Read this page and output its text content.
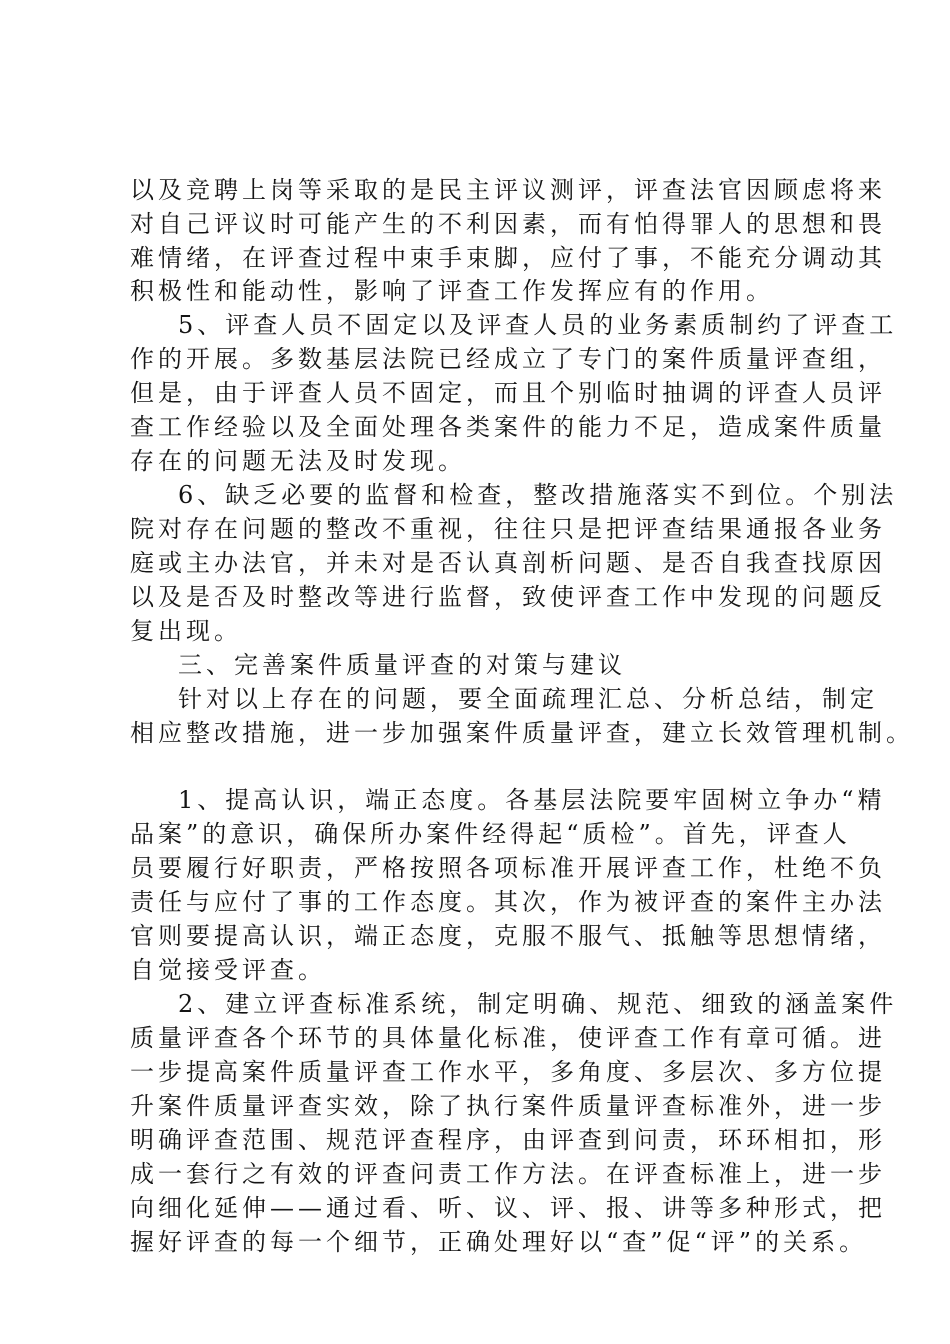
以及竞聘上岗等采取的是民主评议测评，评查法官因顾虑将来
对自己评议时可能产生的不利因素，而有怕得罪人的思想和畏
难情绪，在评查过程中束手束脚，应付了事，不能充分调动其
积极性和能动性，影响了评查工作发挥应有的作用。
5、评查人员不固定以及评查人员的业务素质制约了评查工
作的开展。多数基层法院已经成立了专门的案件质量评查组，
但是，由于评查人员不固定，而且个别临时抽调的评查人员评
查工作经验以及全面处理各类案件的能力不足，造成案件质量
存在的问题无法及时发现。
6、缺乏必要的监督和检查，整改措施落实不到位。个别法
院对存在问题的整改不重视，往往只是把评查结果通报各业务
庭或主办法官，并未对是否认真剖析问题、是否自我查找原因
以及是否及时整改等进行监督，致使评查工作中发现的问题反
复出现。
三、完善案件质量评查的对策与建议
针对以上存在的问题，要全面疏理汇总、分析总结，制定
相应整改措施，进一步加强案件质量评查，建立长效管理机制。
1、提高认识，端正态度。各基层法院要牢固树立争办“精
品案”的意识，确保所办案件经得起“质检”。首先，评查人
员要履行好职责，严格按照各项标准开展评查工作，杜绝不负
责任与应付了事的工作态度。其次，作为被评查的案件主办法
官则要提高认识，端正态度，克服不服气、抵触等思想情绪，
自觉接受评查。
2、建立评查标准系统，制定明确、规范、细致的涵盖案件
质量评查各个环节的具体量化标准，使评查工作有章可循。进
一步提高案件质量评查工作水平，多角度、多层次、多方位提
升案件质量评查实效，除了执行案件质量评查标准外，进一步
明确评查范围、规范评查程序，由评查到问责，环环相扣，形
成一套行之有效的评查问责工作方法。在评查标准上，进一步
向细化延伸——通过看、听、议、评、报、讲等多种形式，把
握好评查的每一个细节，正确处理好以“查”促“评”的关系。
